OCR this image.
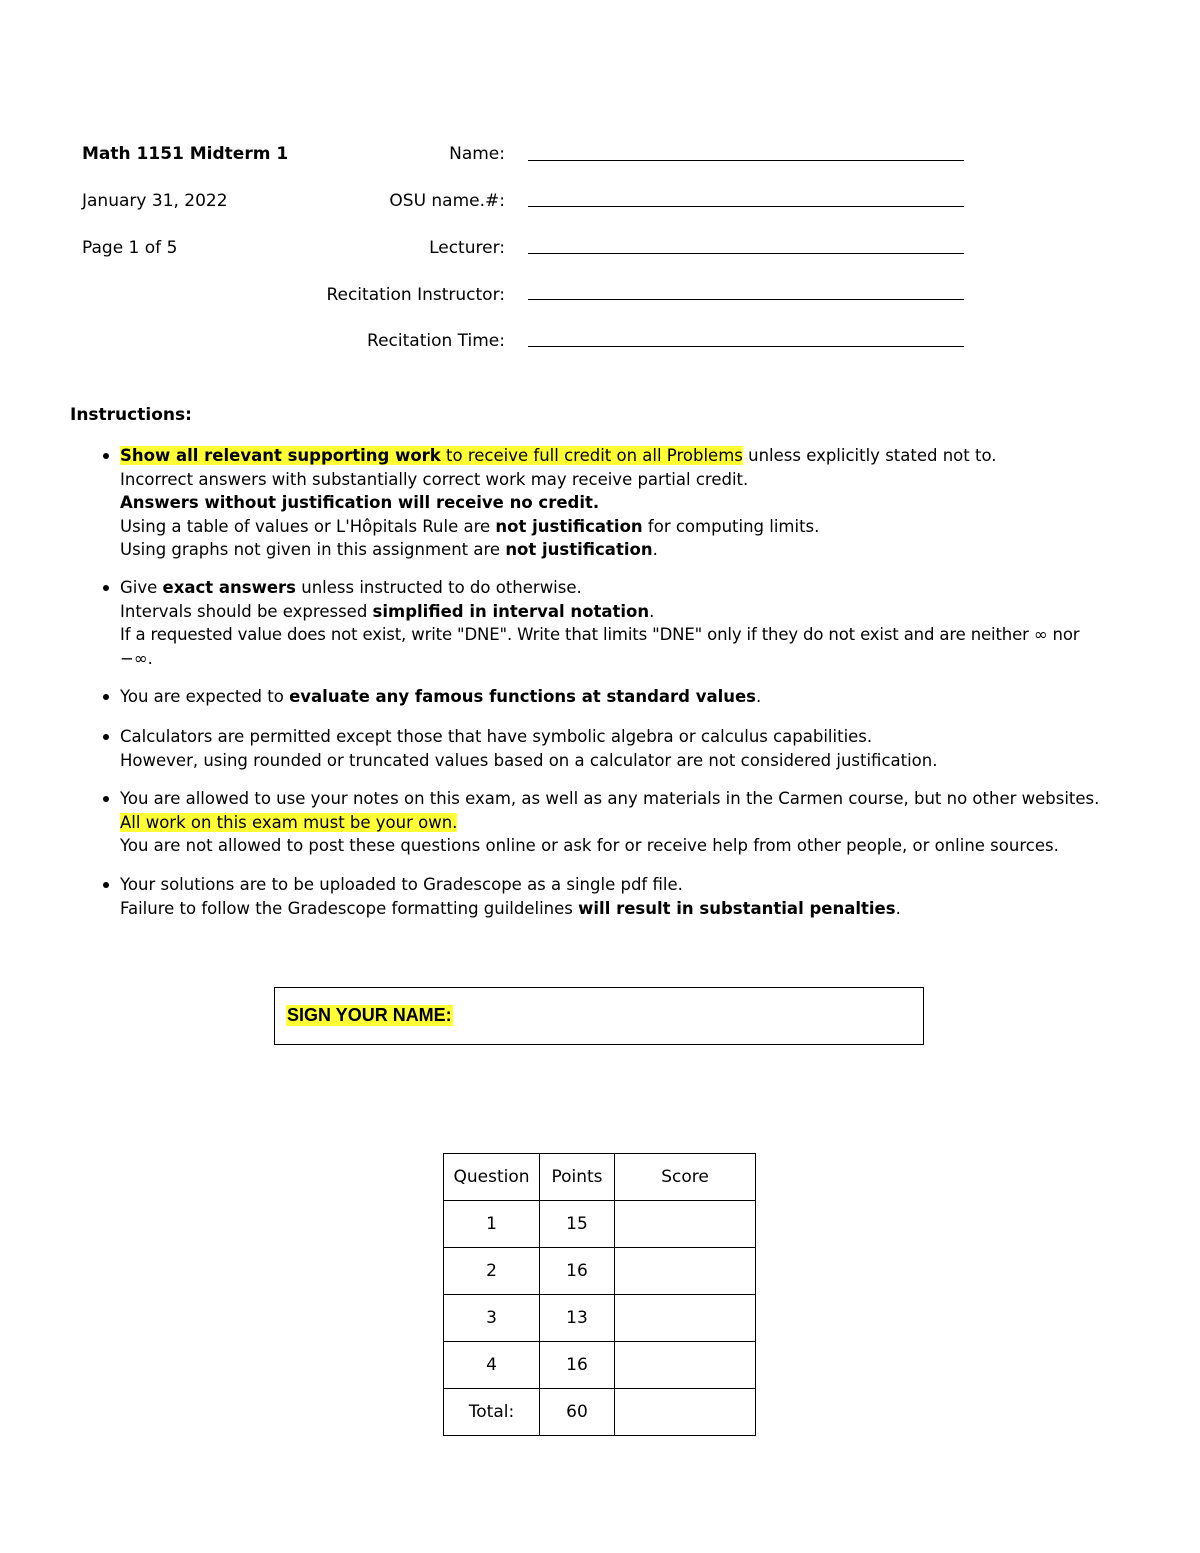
Math 1151 Midterm 1
January 31, 2022
Page 1 of 5
Name:
OSU name.#:
Lecturer:
Recitation Instructor:
Recitation Time:
Instructions:
Show all relevant supporting work to receive full credit on all Problems unless explicitly stated not to.
Incorrect answers with substantially correct work may receive partial credit.
Answers without justification will receive no credit.
Using a table of values or L'Hôpitals Rule are not justification for computing limits.
Using graphs not given in this assignment are not justification.
Give exact answers unless instructed to do otherwise.
Intervals should be expressed simplified in interval notation.
If a requested value does not exist, write "DNE". Write that limits "DNE" only if they do not exist and are neither ∞ nor
−∞.
You are expected to evaluate any famous functions at standard values.
Calculators are permitted except those that have symbolic algebra or calculus capabilities.
However, using rounded or truncated values based on a calculator are not considered justification.
You are allowed to use your notes on this exam, as well as any materials in the Carmen course, but no other websites.
All work on this exam must be your own.
You are not allowed to post these questions online or ask for or receive help from other people, or online sources.
Your solutions are to be uploaded to Gradescope as a single pdf file.
Failure to follow the Gradescope formatting guildelines will result in substantial penalties.
SIGN YOUR NAME:
Question	Points	Score
1	15	
2	16	
3	13	
4	16	
Total:	60	
